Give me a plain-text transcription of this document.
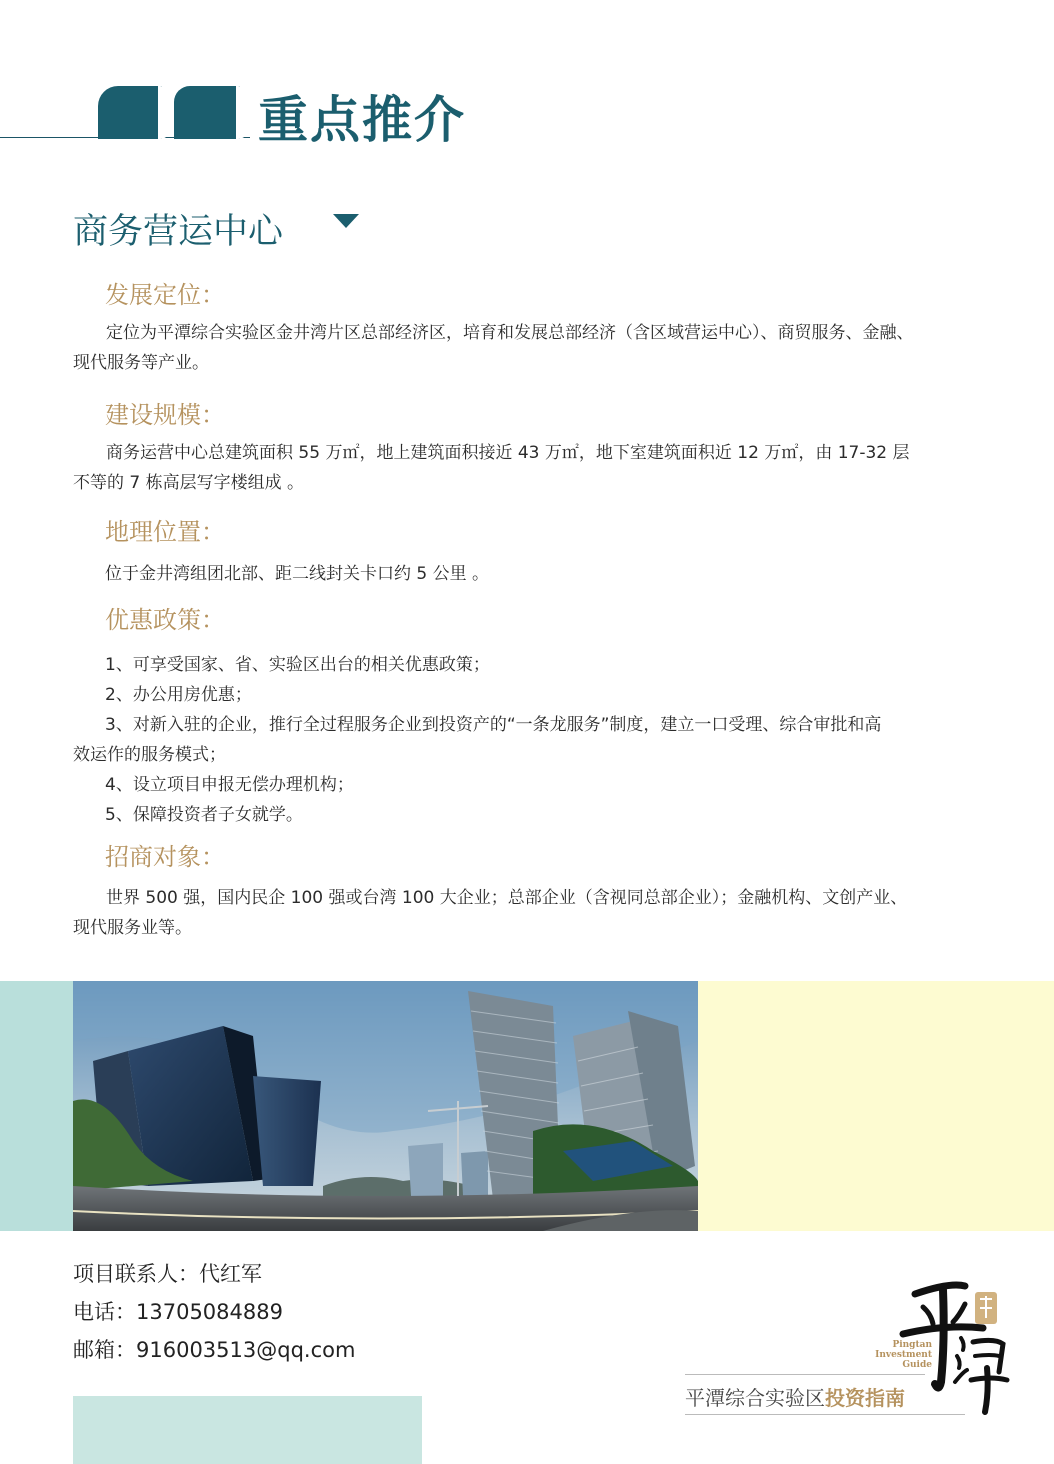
重点推介
商务营运中心
发展定位：
定位为平潭综合实验区金井湾片区总部经济区，培育和发展总部经济（含区域营运中心）、商贸服务、金融、
现代服务等产业。
建设规模：
商务运营中心总建筑面积 55 万㎡，地上建筑面积接近 43 万㎡，地下室建筑面积近 12 万㎡，由 17-32 层
不等的 7 栋高层写字楼组成 。
地理位置：
位于金井湾组团北部、距二线封关卡口约 5 公里 。
优惠政策：
1、可享受国家、省、实验区出台的相关优惠政策；
2、办公用房优惠；
3、对新入驻的企业，推行全过程服务企业到投资产的“一条龙服务”制度，建立一口受理、综合审批和高
效运作的服务模式；
4、设立项目申报无偿办理机构；
5、保障投资者子女就学。
招商对象：
世界 500 强，国内民企 100 强或台湾 100 大企业；总部企业（含视同总部企业）；金融机构、文创产业、
现代服务业等。
项目联系人：代红军
电话：13705084889
邮箱：916003513@qq.com
平潭综合实验区投资指南
Pingtan
Investment
Guide
